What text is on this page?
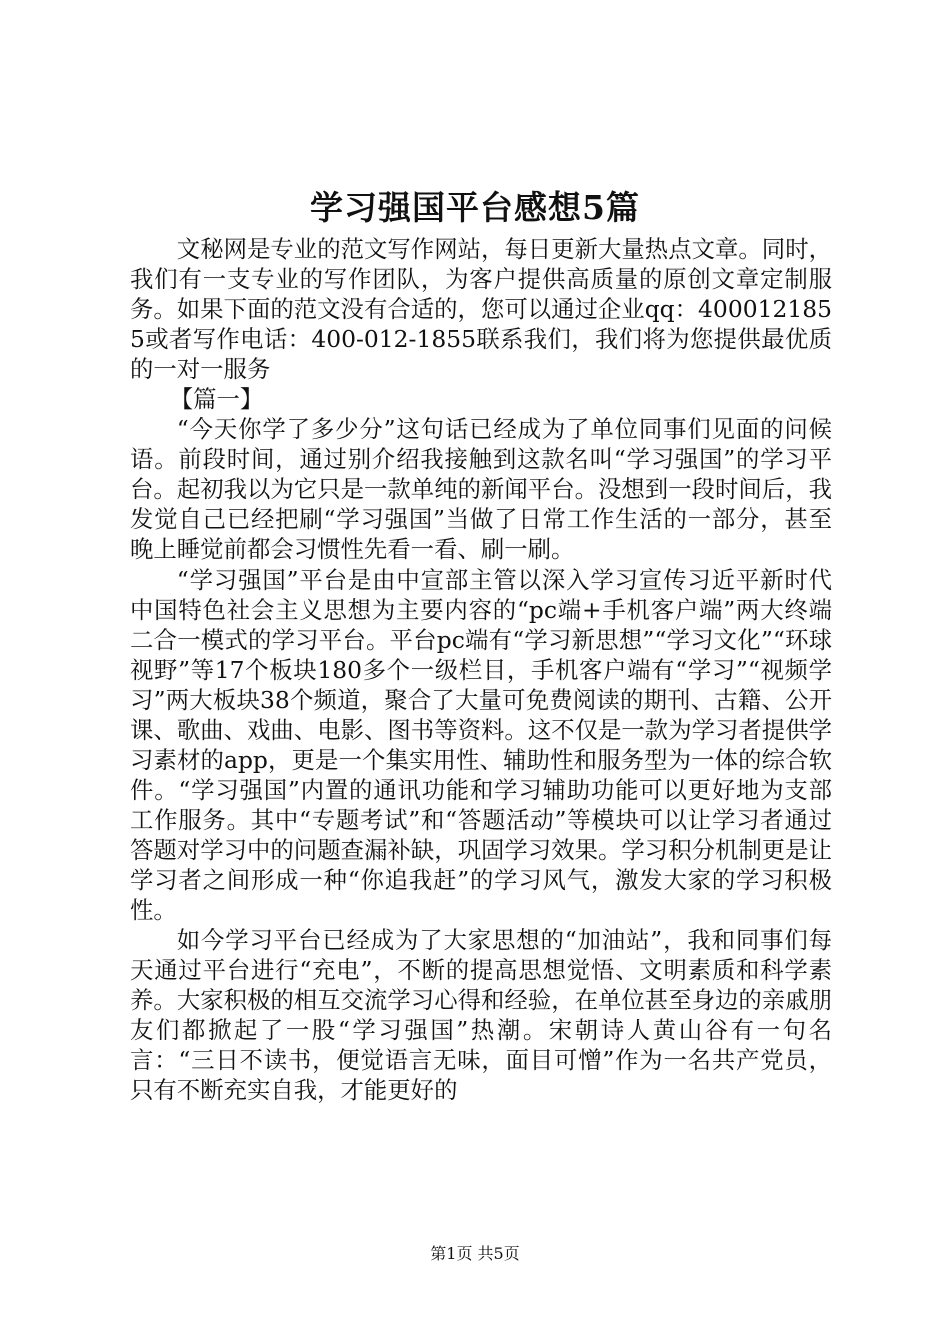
学习强国平台感想5篇

文秘网是专业的范文写作网站，每日更新大量热点文章。同时，我们有一支专业的写作团队，为客户提供高质量的原创文章定制服务。如果下面的范文没有合适的，您可以通过企业qq：4000121855或者写作电话：400-012-1855联系我们，我们将为您提供最优质的一对一服务

【篇一】

“今天你学了多少分”这句话已经成为了单位同事们见面的问候语。前段时间，通过别介绍我接触到这款名叫“学习强国”的学习平台。起初我以为它只是一款单纯的新闻平台。没想到一段时间后，我发觉自己已经把刷“学习强国”当做了日常工作生活的一部分，甚至晚上睡觉前都会习惯性先看一看、刷一刷。

“学习强国”平台是由中宣部主管以深入学习宣传习近平新时代中国特色社会主义思想为主要内容的“pc端+手机客户端”两大终端二合一模式的学习平台。平台pc端有“学习新思想”“学习文化”“环球视野”等17个板块180多个一级栏目，手机客户端有“学习”“视频学习”两大板块38个频道，聚合了大量可免费阅读的期刊、古籍、公开课、歌曲、戏曲、电影、图书等资料。这不仅是一款为学习者提供学习素材的app，更是一个集实用性、辅助性和服务型为一体的综合软件。“学习强国”内置的通讯功能和学习辅助功能可以更好地为支部工作服务。其中“专题考试”和“答题活动”等模块可以让学习者通过答题对学习中的问题查漏补缺，巩固学习效果。学习积分机制更是让学习者之间形成一种“你追我赶”的学习风气，激发大家的学习积极性。

如今学习平台已经成为了大家思想的“加油站”，我和同事们每天通过平台进行“充电”，不断的提高思想觉悟、文明素质和科学素养。大家积极的相互交流学习心得和经验，在单位甚至身边的亲戚朋友们都掀起了一股“学习强国”热潮。宋朝诗人黄山谷有一句名言：“三日不读书，便觉语言无味，面目可憎”作为一名共产党员，只有不断充实自我，才能更好的

第1页 共5页
